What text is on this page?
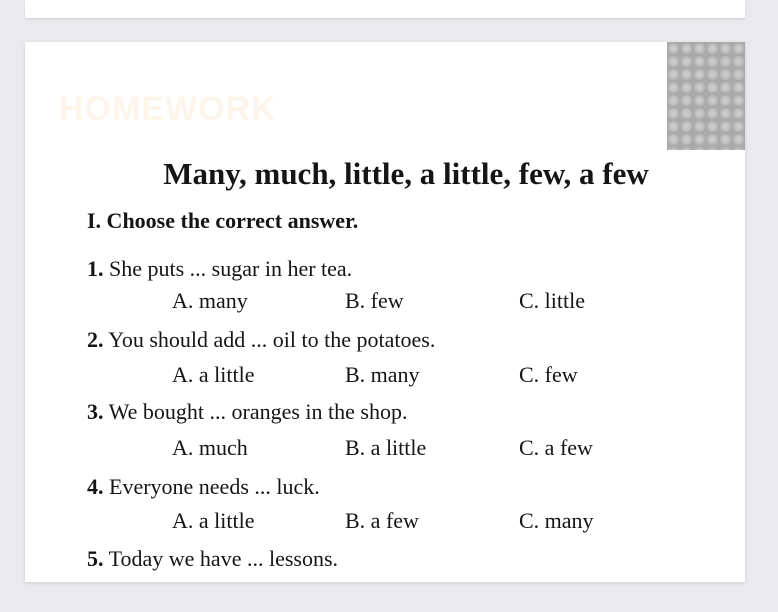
HOMEWORK
Many, much, little, a little, few, a few
I. Choose the correct answer.
1. She puts ... sugar in her tea.
A. many	B. few	C. little
2. You should add ... oil to the potatoes.
A. a little	B. many	C. few
3. We bought ... oranges in the shop.
A. much	B. a little	C. a few
4. Everyone needs ... luck.
A. a little	B. a few	C. many
5. Today we have ... lessons.
